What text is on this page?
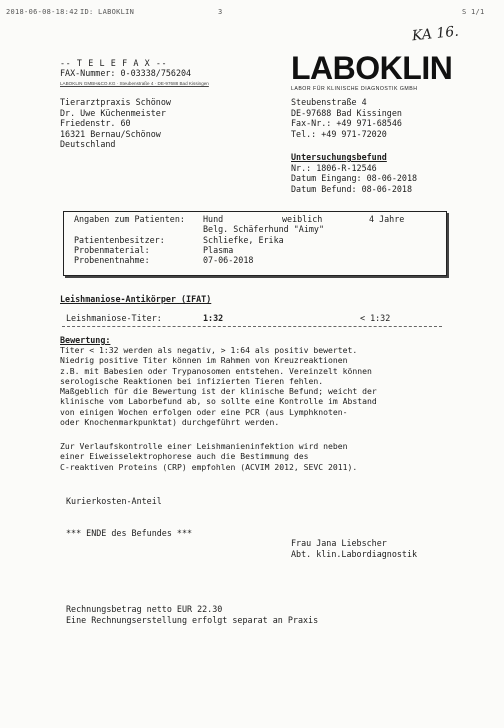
2018-06-08-18:42 ID: LABOKLIN	3	S 1/1
KA 16.
-- T E L E F A X --
FAX-Nummer: 0-03338/756204
LABOKLIN GMBH&CO.KG · Steubenstraße 4 · DE-97688 Bad Kissingen	LABOKLIN
LABOR FÜR KLINISCHE DIAGNOSTIK GMBH
Tierarztpraxis Schönow
Dr. Uwe Küchenmeister
Friedenstr. 60
16321 Bernau/Schönow
Deutschland
Steubenstraße 4
DE-97688 Bad Kissingen
Fax-Nr.: +49 971-68546
Tel.: +49 971-72020
Untersuchungsbefund
Nr.: 1806-R-12546
Datum Eingang: 08-06-2018
Datum Befund: 08-06-2018
Angaben zum Patienten: Hund	weiblich	4 Jahre
Belg. Schäferhund "Aimy"
Patientenbesitzer:	Schliefke, Erika
Probenmaterial:	Plasma
Probenentnahme:	07-06-2018
Leishmaniose-Antikörper (IFAT)
Leishmaniose-Titer:	1:32	< 1:32
Bewertung:
Titer < 1:32 werden als negativ, > 1:64 als positiv bewertet.
Niedrig positive Titer können im Rahmen von Kreuzreaktionen
z.B. mit Babesien oder Trypanosomen entstehen. Vereinzelt können
serologische Reaktionen bei infizierten Tieren fehlen.
Maßgeblich für die Bewertung ist der klinische Befund; weicht der
klinische vom Laborbefund ab, so sollte eine Kontrolle im Abstand
von einigen Wochen erfolgen oder eine PCR (aus Lymphknoten-
oder Knochenmarkpunktat) durchgeführt werden.
Zur Verlaufskontrolle einer Leishmanieninfektion wird neben
einer Eiweisselektrophorese auch die Bestimmung des
C-reaktiven Proteins (CRP) empfohlen (ACVIM 2012, SEVC 2011).
Kurierkosten-Anteil
*** ENDE des Befundes ***
Frau Jana Liebscher
Abt. klin.Labordiagnostik
Rechnungsbetrag netto EUR 22.30
Eine Rechnungserstellung erfolgt separat an Praxis
